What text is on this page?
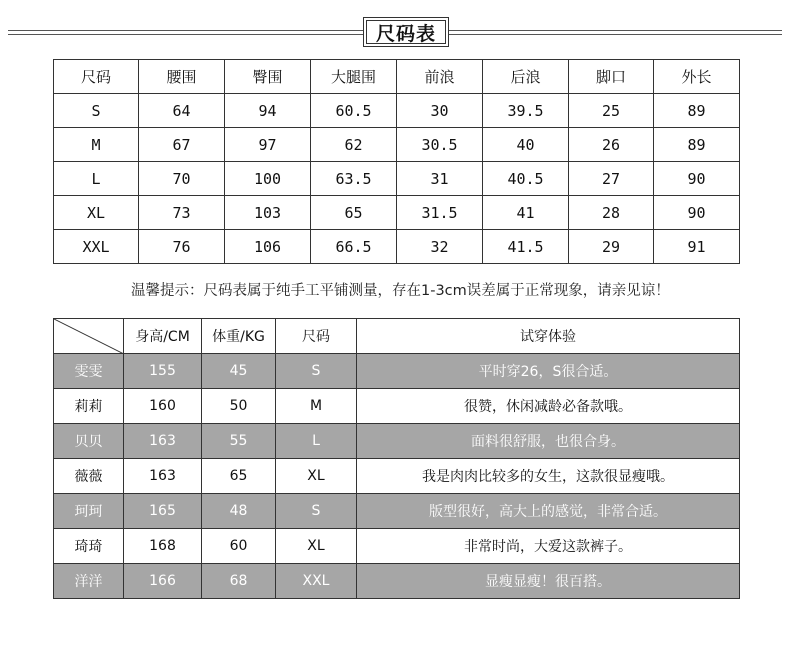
尺码表
尺码	腰围	臀围	大腿围	前浪	后浪	脚口	外长
S	64	94	60.5	30	39.5	25	89
M	67	97	62	30.5	40	26	89
L	70	100	63.5	31	40.5	27	90
XL	73	103	65	31.5	41	28	90
XXL	76	106	66.5	32	41.5	29	91
温馨提示：尺码表属于纯手工平铺测量，存在1-3cm误差属于正常现象，请亲见谅！
	身高/CM	体重/KG	尺码	试穿体验
雯雯	155	45	S	平时穿26，S很合适。
莉莉	160	50	M	很赞，休闲减龄必备款哦。
贝贝	163	55	L	面料很舒服，也很合身。
薇薇	163	65	XL	我是肉肉比较多的女生，这款很显瘦哦。
珂珂	165	48	S	版型很好，高大上的感觉，非常合适。
琦琦	168	60	XL	非常时尚，大爱这款裤子。
洋洋	166	68	XXL	显瘦显瘦！很百搭。
